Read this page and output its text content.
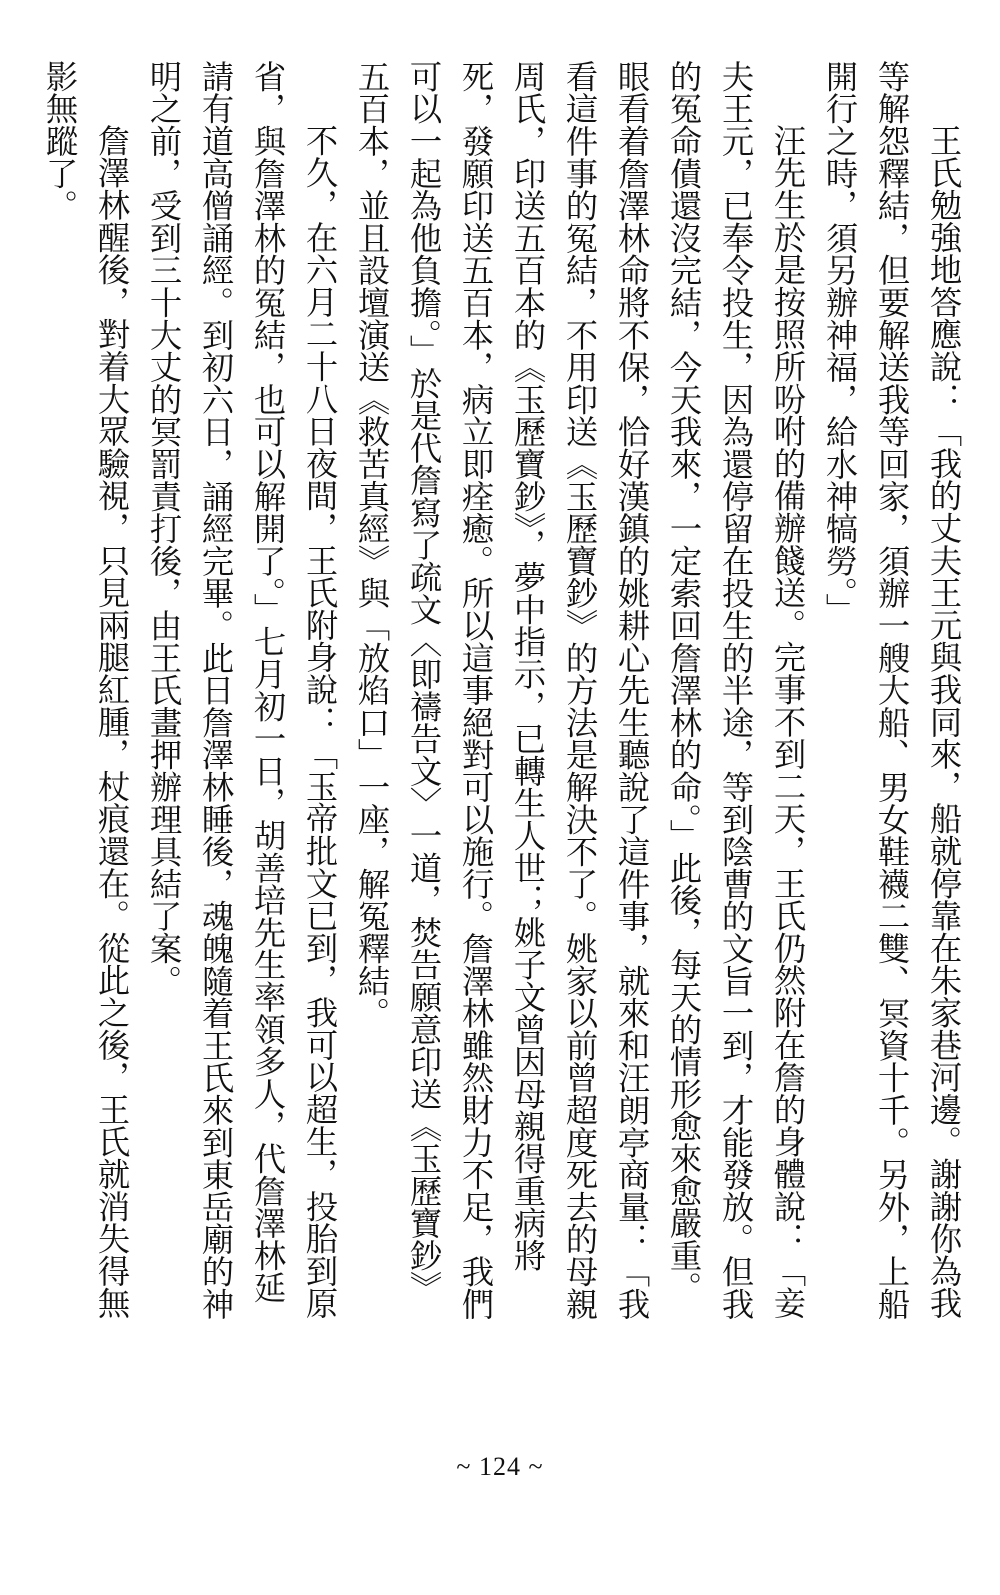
王氏勉強地答應說：「我的丈夫王元與我同來，船就停靠在朱家巷河邊。謝謝你為我
等解怨釋結，但要解送我等回家，須辦一艘大船、男女鞋襪二雙、冥資十千。另外，上船
開行之時，須另辦神福，給水神犒勞。」
汪先生於是按照所吩咐的備辦餞送。完事不到二天，王氏仍然附在詹的身體說：「妾
夫王元，已奉令投生，因為還停留在投生的半途，等到陰曹的文旨一到，才能發放。但我
的冤命債還沒完結，今天我來，一定索回詹澤林的命。」此後，每天的情形愈來愈嚴重。
眼看着詹澤林命將不保，恰好漢鎮的姚耕心先生聽說了這件事，就來和汪朗亭商量：「我
看這件事的冤結，不用印送《玉歷寶鈔》的方法是解決不了。姚家以前曾超度死去的母親
周氏，印送五百本的《玉歷寶鈔》，夢中指示，已轉生人世；姚子文曾因母親得重病將
死，發願印送五百本，病立即痊癒。所以這事絕對可以施行。詹澤林雖然財力不足，我們
可以一起為他負擔。」於是代詹寫了疏文〈即禱告文〉一道，焚告願意印送《玉歷寶鈔》
五百本，並且設壇演送《救苦真經》與「放焰口」一座，解冤釋結。
不久，在六月二十八日夜間，王氏附身說：「玉帝批文已到，我可以超生，投胎到原
省，與詹澤林的冤結，也可以解開了。」七月初一日，胡善培先生率領多人，代詹澤林延
請有道高僧誦經。到初六日，誦經完畢。此日詹澤林睡後，魂魄隨着王氏來到東岳廟的神
明之前，受到三十大丈的冥罰責打後，由王氏畫押辦理具結了案。
詹澤林醒後，對着大眾驗視，只見兩腿紅腫，杖痕還在。從此之後，王氏就消失得無
影無蹤了。
~ 124 ~
